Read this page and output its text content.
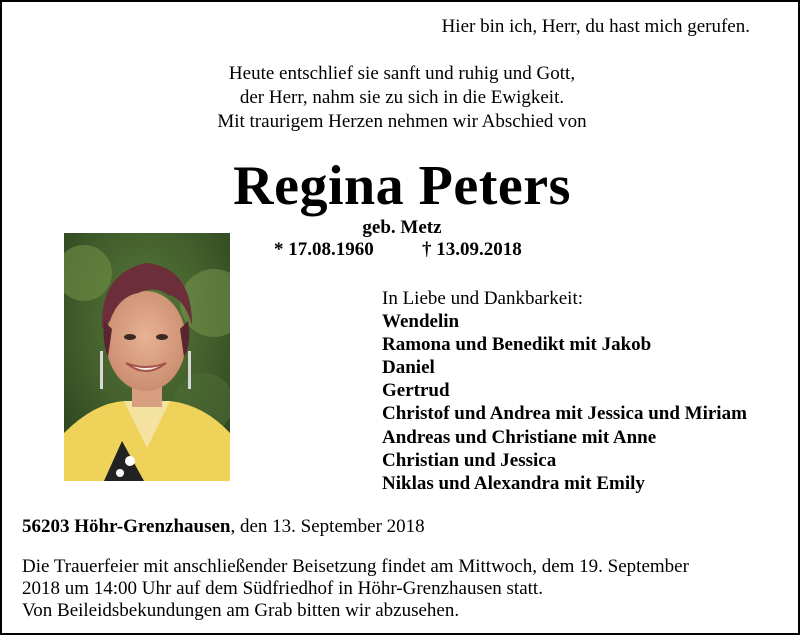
Hier bin ich, Herr, du hast mich gerufen.
Heute entschlief sie sanft und ruhig und Gott,
der Herr, nahm sie zu sich in die Ewigkeit.
Mit traurigem Herzen nehmen wir Abschied von
Regina Peters
geb. Metz
* 17.08.1960	† 13.09.2018
In Liebe und Dankbarkeit:
Wendelin
Ramona und Benedikt mit Jakob
Daniel
Gertrud
Christof und Andrea mit Jessica und Miriam
Andreas und Christiane mit Anne
Christian und Jessica
Niklas und Alexandra mit Emily
56203 Höhr-Grenzhausen, den 13. September 2018
Die Trauerfeier mit anschließender Beisetzung findet am Mittwoch, dem 19. September
2018 um 14:00 Uhr auf dem Südfriedhof in Höhr-Grenzhausen statt.
Von Beileidsbekundungen am Grab bitten wir abzusehen.
